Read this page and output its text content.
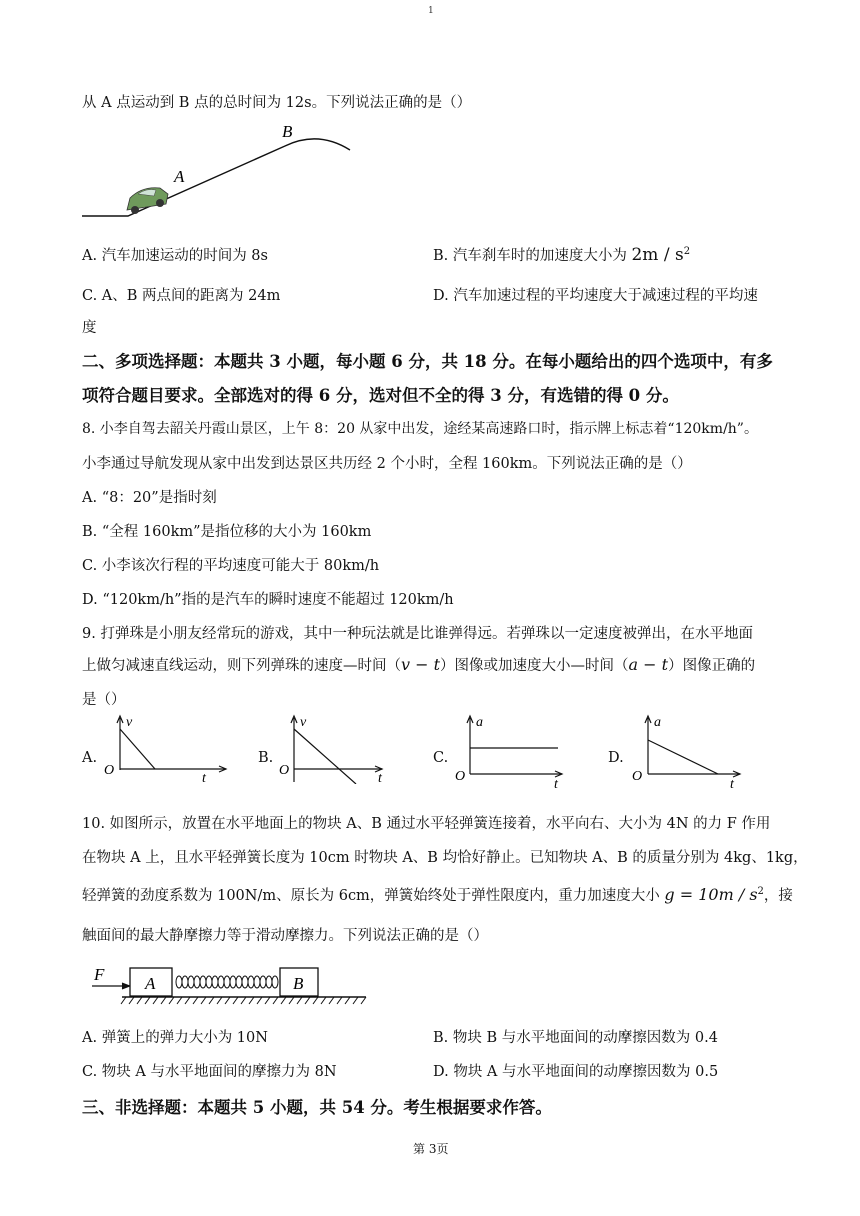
1
从 A 点运动到 B 点的总时间为 12s。下列说法正确的是（）
A
B
A. 汽车加速运动的时间为 8s	B. 汽车刹车时的加速度大小为 $2m / s^2$
C. A、B 两点间的距离为 24m	D. 汽车加速过程的平均速度大于减速过程的平均速
度
二、多项选择题：本题共 3 小题，每小题 6 分，共 18 分。在每小题给出的四个选项中，有多
项符合题目要求。全部选对的得 6 分，选对但不全的得 3 分，有选错的得 0 分。
8. 小李自驾去韶关丹霞山景区，上午 8：20 从家中出发，途经某高速路口时，指示牌上标志着“120km/h”。
小李通过导航发现从家中出发到达景区共历经 2 个小时，全程 160km。下列说法正确的是（）
A. “8：20”是指时刻
B. “全程 160km”是指位移的大小为 160km
C. 小李该次行程的平均速度可能大于 80km/h
D. “120km/h”指的是汽车的瞬时速度不能超过 120km/h
9. 打弹珠是小朋友经常玩的游戏，其中一种玩法就是比谁弹得远。若弹珠以一定速度被弹出，在水平地面
上做匀减速直线运动，则下列弹珠的速度—时间（v − t）图像或加速度大小—时间（a − t）图像正确的
是（）
A.
v
O
t
B.
v
O
t
C.
a
O
t
D.
a
O
t
10. 如图所示，放置在水平地面上的物块 A、B 通过水平轻弹簧连接着，水平向右、大小为 4N 的力 F 作用
在物块 A 上，且水平轻弹簧长度为 10cm 时物块 A、B 均恰好静止。已知物块 A、B 的质量分别为 4kg、1kg，
轻弹簧的劲度系数为 100N/m、原长为 6cm，弹簧始终处于弹性限度内，重力加速度大小 $g = 10m / s^2$，接
触面间的最大静摩擦力等于滑动摩擦力。下列说法正确的是（）
F A	B
A. 弹簧上的弹力大小为 10N	B. 物块 B 与水平地面间的动摩擦因数为 0.4
C. 物块 A 与水平地面间的摩擦力为 8N	D. 物块 A 与水平地面间的动摩擦因数为 0.5
三、非选择题：本题共 5 小题，共 54 分。考生根据要求作答。
第 3页
